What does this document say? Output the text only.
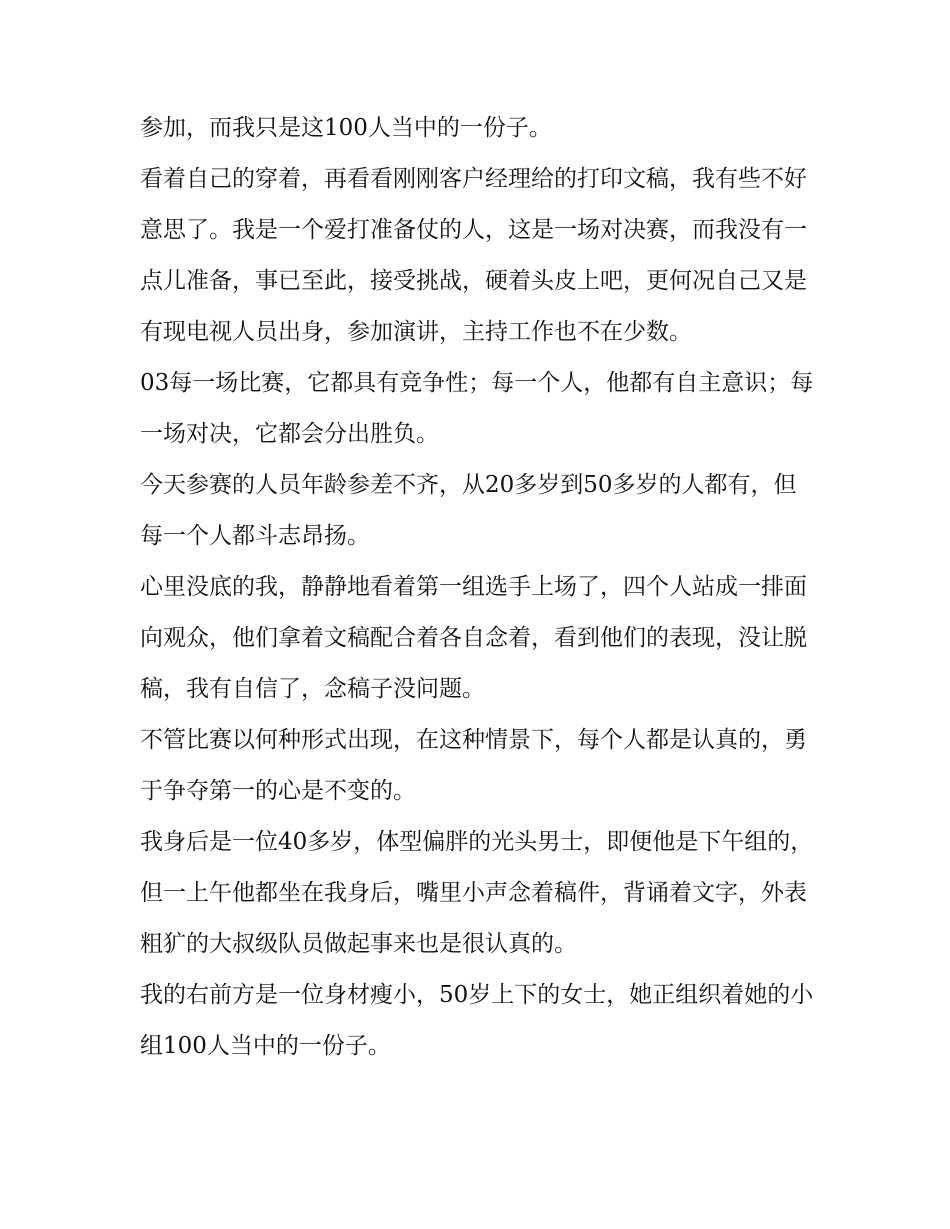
参加，而我只是这100人当中的一份子。

看着自己的穿着，再看看刚刚客户经理给的打印文稿，我有些不好意思了。我是一个爱打准备仗的人，这是一场对决赛，而我没有一点儿准备，事已至此，接受挑战，硬着头皮上吧，更何况自己又是有现电视人员出身，参加演讲，主持工作也不在少数。

03每一场比赛，它都具有竞争性；每一个人，他都有自主意识；每一场对决，它都会分出胜负。

今天参赛的人员年龄参差不齐，从20多岁到50多岁的人都有，但每一个人都斗志昂扬。

心里没底的我，静静地看着第一组选手上场了，四个人站成一排面向观众，他们拿着文稿配合着各自念着，看到他们的表现，没让脱稿，我有自信了，念稿子没问题。

不管比赛以何种形式出现，在这种情景下，每个人都是认真的，勇于争夺第一的心是不变的。

我身后是一位40多岁，体型偏胖的光头男士，即便他是下午组的，但一上午他都坐在我身后，嘴里小声念着稿件，背诵着文字，外表粗犷的大叔级队员做起事来也是很认真的。

我的右前方是一位身材瘦小，50岁上下的女士，她正组织着她的小组100人当中的一份子。
